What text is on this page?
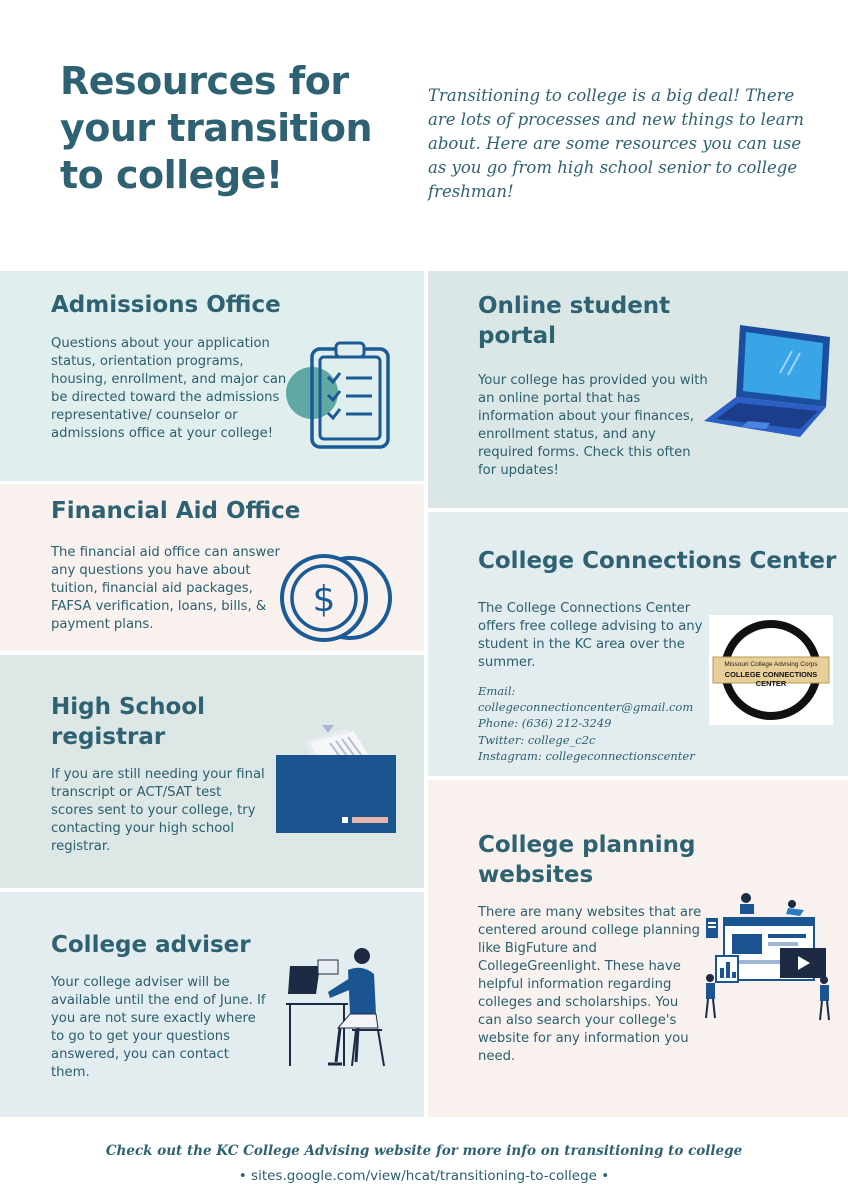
Resources for your transition to college!
Transitioning to college is a big deal! There are lots of processes and new things to learn about. Here are some resources you can use as you go from high school senior to college freshman!
Admissions Office
Questions about your application status, orientation programs, housing, enrollment, and major can be directed toward the admissions representative/ counselor or admissions office at your college!
Financial Aid Office
The financial aid office can answer any questions you have about tuition, financial aid packages, FAFSA verification, loans, bills, & payment plans.
$
High School registrar
If you are still needing your final transcript or ACT/SAT test scores sent to your college, try contacting your high school registrar.
College adviser
Your college adviser will be available until the end of June. If you are not sure exactly where to go to get your questions answered, you can contact them.
Online student portal
Your college has provided you with an online portal that has information about your finances, enrollment status, and any required forms. Check this often for updates!
College Connections Center
The College Connections Center offers free college advising to any student in the KC area over the summer.
Email:
collegeconnectioncenter@gmail.com
Phone: (636) 212-3249
Twitter: college_c2c
Instagram: collegeconnectionscenter
Missouri College Advising Corps
COLLEGE CONNECTIONS CENTER
College planning websites
There are many websites that are centered around college planning like BigFuture and CollegeGreenlight. These have helpful information regarding colleges and scholarships. You can also search your college's website for any information you need.
Check out the KC College Advising website for more info on transitioning to college
• sites.google.com/view/hcat/transitioning-to-college •
